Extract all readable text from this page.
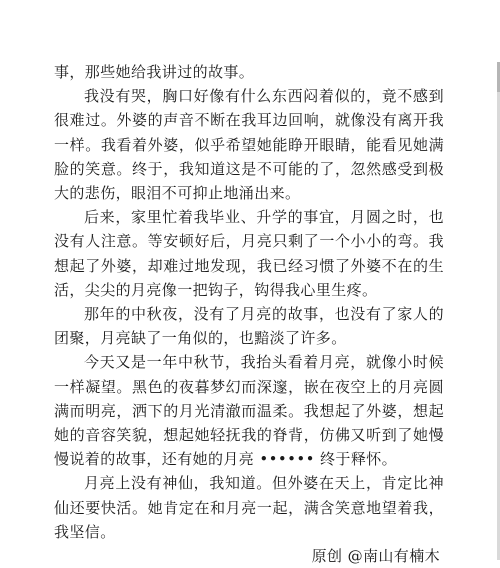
事，那些她给我讲过的故事。

我没有哭，胸口好像有什么东西闷着似的，竟不感到很难过。外婆的声音不断在我耳边回响，就像没有离开我一样。我看着外婆，似乎希望她能睁开眼睛，能看见她满脸的笑意。终于，我知道这是不可能的了，忽然感受到极大的悲伤，眼泪不可抑止地涌出来。

后来，家里忙着我毕业、升学的事宜，月圆之时，也没有人注意。等安顿好后，月亮只剩了一个小小的弯。我想起了外婆，却难过地发现，我已经习惯了外婆不在的生活，尖尖的月亮像一把钩子，钩得我心里生疼。

那年的中秋夜，没有了月亮的故事，也没有了家人的团聚，月亮缺了一角似的，也黯淡了许多。

今天又是一年中秋节，我抬头看着月亮，就像小时候一样凝望。黑色的夜暮梦幻而深邃，嵌在夜空上的月亮圆满而明亮，洒下的月光清澈而温柔。我想起了外婆，想起她的音容笑貌，想起她轻抚我的脊背，仿佛又听到了她慢慢说着的故事，还有她的月亮 •••••• 终于释怀。

月亮上没有神仙，我知道。但外婆在天上，肯定比神仙还要快活。她肯定在和月亮一起，满含笑意地望着我，我坚信。

原创 @南山有楠木
